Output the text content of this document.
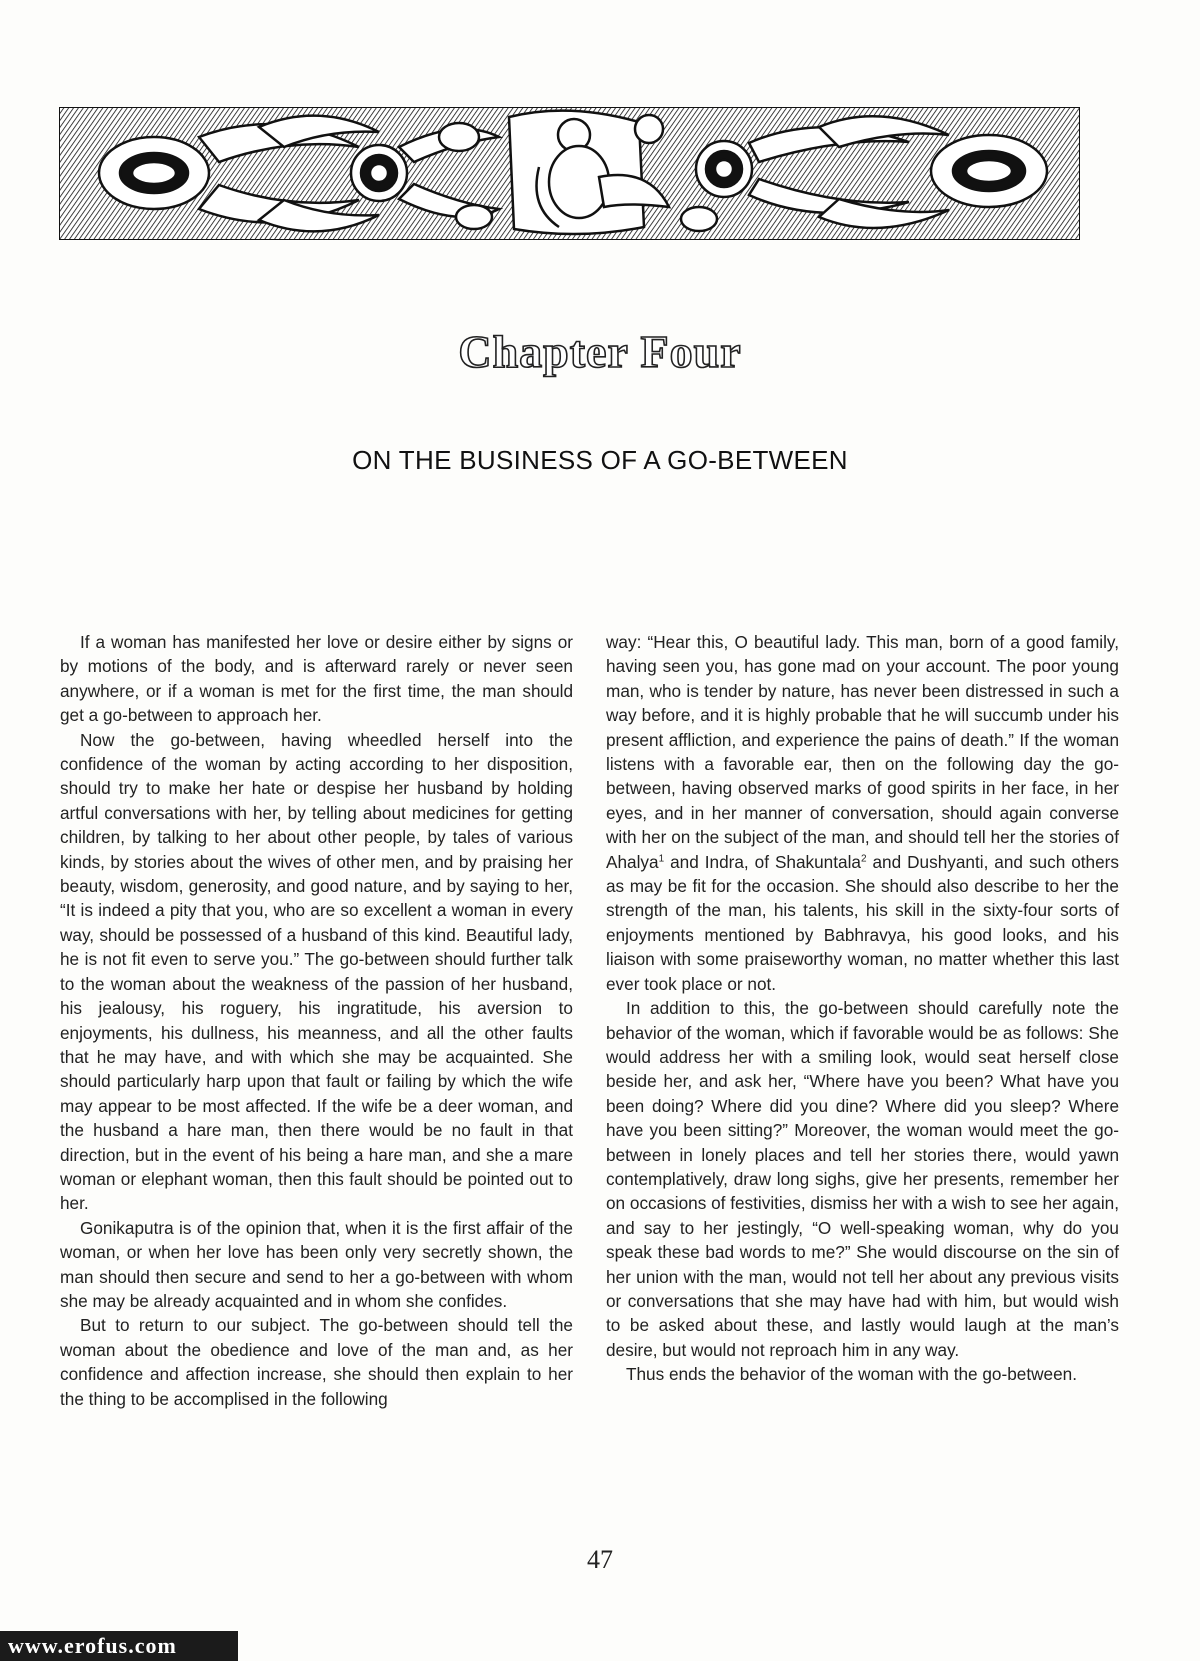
Chapter Four
ON THE BUSINESS OF A GO-BETWEEN

If a woman has manifested her love or desire either by signs or by motions of the body, and is afterward rarely or never seen anywhere, or if a woman is met for the first time, the man should get a go-between to approach her.

Now the go-between, having wheedled herself into the confidence of the woman by acting according to her disposition, should try to make her hate or despise her husband by holding artful conversations with her, by telling about medicines for getting children, by talking to her about other people, by tales of various kinds, by stories about the wives of other men, and by praising her beauty, wisdom, generosity, and good nature, and by saying to her, “It is indeed a pity that you, who are so excellent a woman in every way, should be possessed of a husband of this kind. Beautiful lady, he is not fit even to serve you.” The go-between should further talk to the woman about the weakness of the passion of her husband, his jealousy, his roguery, his ingratitude, his aversion to enjoyments, his dullness, his meanness, and all the other faults that he may have, and with which she may be acquainted. She should particularly harp upon that fault or failing by which the wife may appear to be most affected. If the wife be a deer woman, and the husband a hare man, then there would be no fault in that direction, but in the event of his being a hare man, and she a mare woman or elephant woman, then this fault should be pointed out to her.

Gonikaputra is of the opinion that, when it is the first affair of the woman, or when her love has been only very secretly shown, the man should then secure and send to her a go-between with whom she may be already acquainted and in whom she confides.

But to return to our subject. The go-between should tell the woman about the obedience and love of the man and, as her confidence and affection increase, she should then explain to her the thing to be accomplised in the following

way: “Hear this, O beautiful lady. This man, born of a good family, having seen you, has gone mad on your account. The poor young man, who is tender by nature, has never been distressed in such a way before, and it is highly probable that he will succumb under his present affliction, and experience the pains of death.” If the woman listens with a favorable ear, then on the following day the go-between, having observed marks of good spirits in her face, in her eyes, and in her manner of conversation, should again converse with her on the subject of the man, and should tell her the stories of Ahalya$^1$ and Indra, of Shakuntala$^2$ and Dushyanti, and such others as may be fit for the occasion. She should also describe to her the strength of the man, his talents, his skill in the sixty-four sorts of enjoyments mentioned by Babhravya, his good looks, and his liaison with some praiseworthy woman, no matter whether this last ever took place or not.

In addition to this, the go-between should carefully note the behavior of the woman, which if favorable would be as follows: She would address her with a smiling look, would seat herself close beside her, and ask her, “Where have you been? What have you been doing? Where did you dine? Where did you sleep? Where have you been sitting?” Moreover, the woman would meet the go-between in lonely places and tell her stories there, would yawn contemplatively, draw long sighs, give her presents, remember her on occasions of festivities, dismiss her with a wish to see her again, and say to her jestingly, “O well-speaking woman, why do you speak these bad words to me?” She would discourse on the sin of her union with the man, would not tell her about any previous visits or conversations that she may have had with him, but would wish to be asked about these, and lastly would laugh at the man’s desire, but would not reproach him in any way.

Thus ends the behavior of the woman with the go-between.

47
www.erofus.com
